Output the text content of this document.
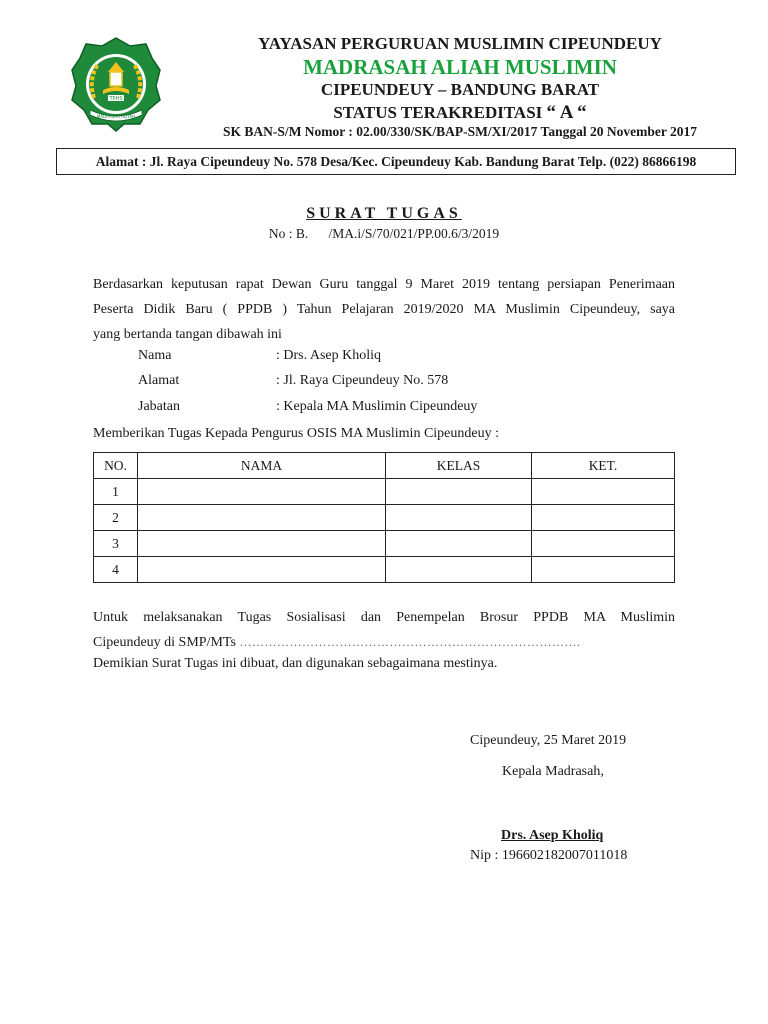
TPHS
MADRASAH ALIYAH
YAYASAN PERGURUAN MUSLIMIN CIPEUNDEUY
MADRASAH ALIAH MUSLIMIN
CIPEUNDEUY – BANDUNG BARAT
STATUS TERAKREDITASI “ A “
SK BAN-S/M Nomor : 02.00/330/SK/BAP-SM/XI/2017 Tanggal 20 November 2017
Alamat : Jl. Raya Cipeundeuy No. 578 Desa/Kec. Cipeundeuy Kab. Bandung Barat Telp. (022) 86866198
SURAT TUGAS
No : B.      /MA.i/S/70/021/PP.00.6/3/2019
Berdasarkan keputusan rapat Dewan Guru tanggal 9 Maret 2019 tentang persiapan Penerimaan
Peserta Didik Baru ( PPDB ) Tahun Pelajaran 2019/2020 MA Muslimin Cipeundeuy, saya
yang bertanda tangan dibawah ini
Nama	: Drs. Asep Kholiq
Alamat	: Jl. Raya Cipeundeuy No. 578
Jabatan	: Kepala MA Muslimin Cipeundeuy
Memberikan Tugas Kepada Pengurus OSIS MA Muslimin Cipeundeuy :
NO.	NAMA	KELAS	KET.
1			
2			
3			
4			
Untuk melaksanakan Tugas Sosialisasi dan Penempelan Brosur PPDB MA Muslimin
Cipeundeuy di SMP/MTs ……………………………………………………………………….
Demikian Surat Tugas ini dibuat, dan digunakan sebagaimana mestinya.
Cipeundeuy, 25 Maret 2019
Kepala Madrasah,
Drs. Asep Kholiq
Nip : 196602182007011018
